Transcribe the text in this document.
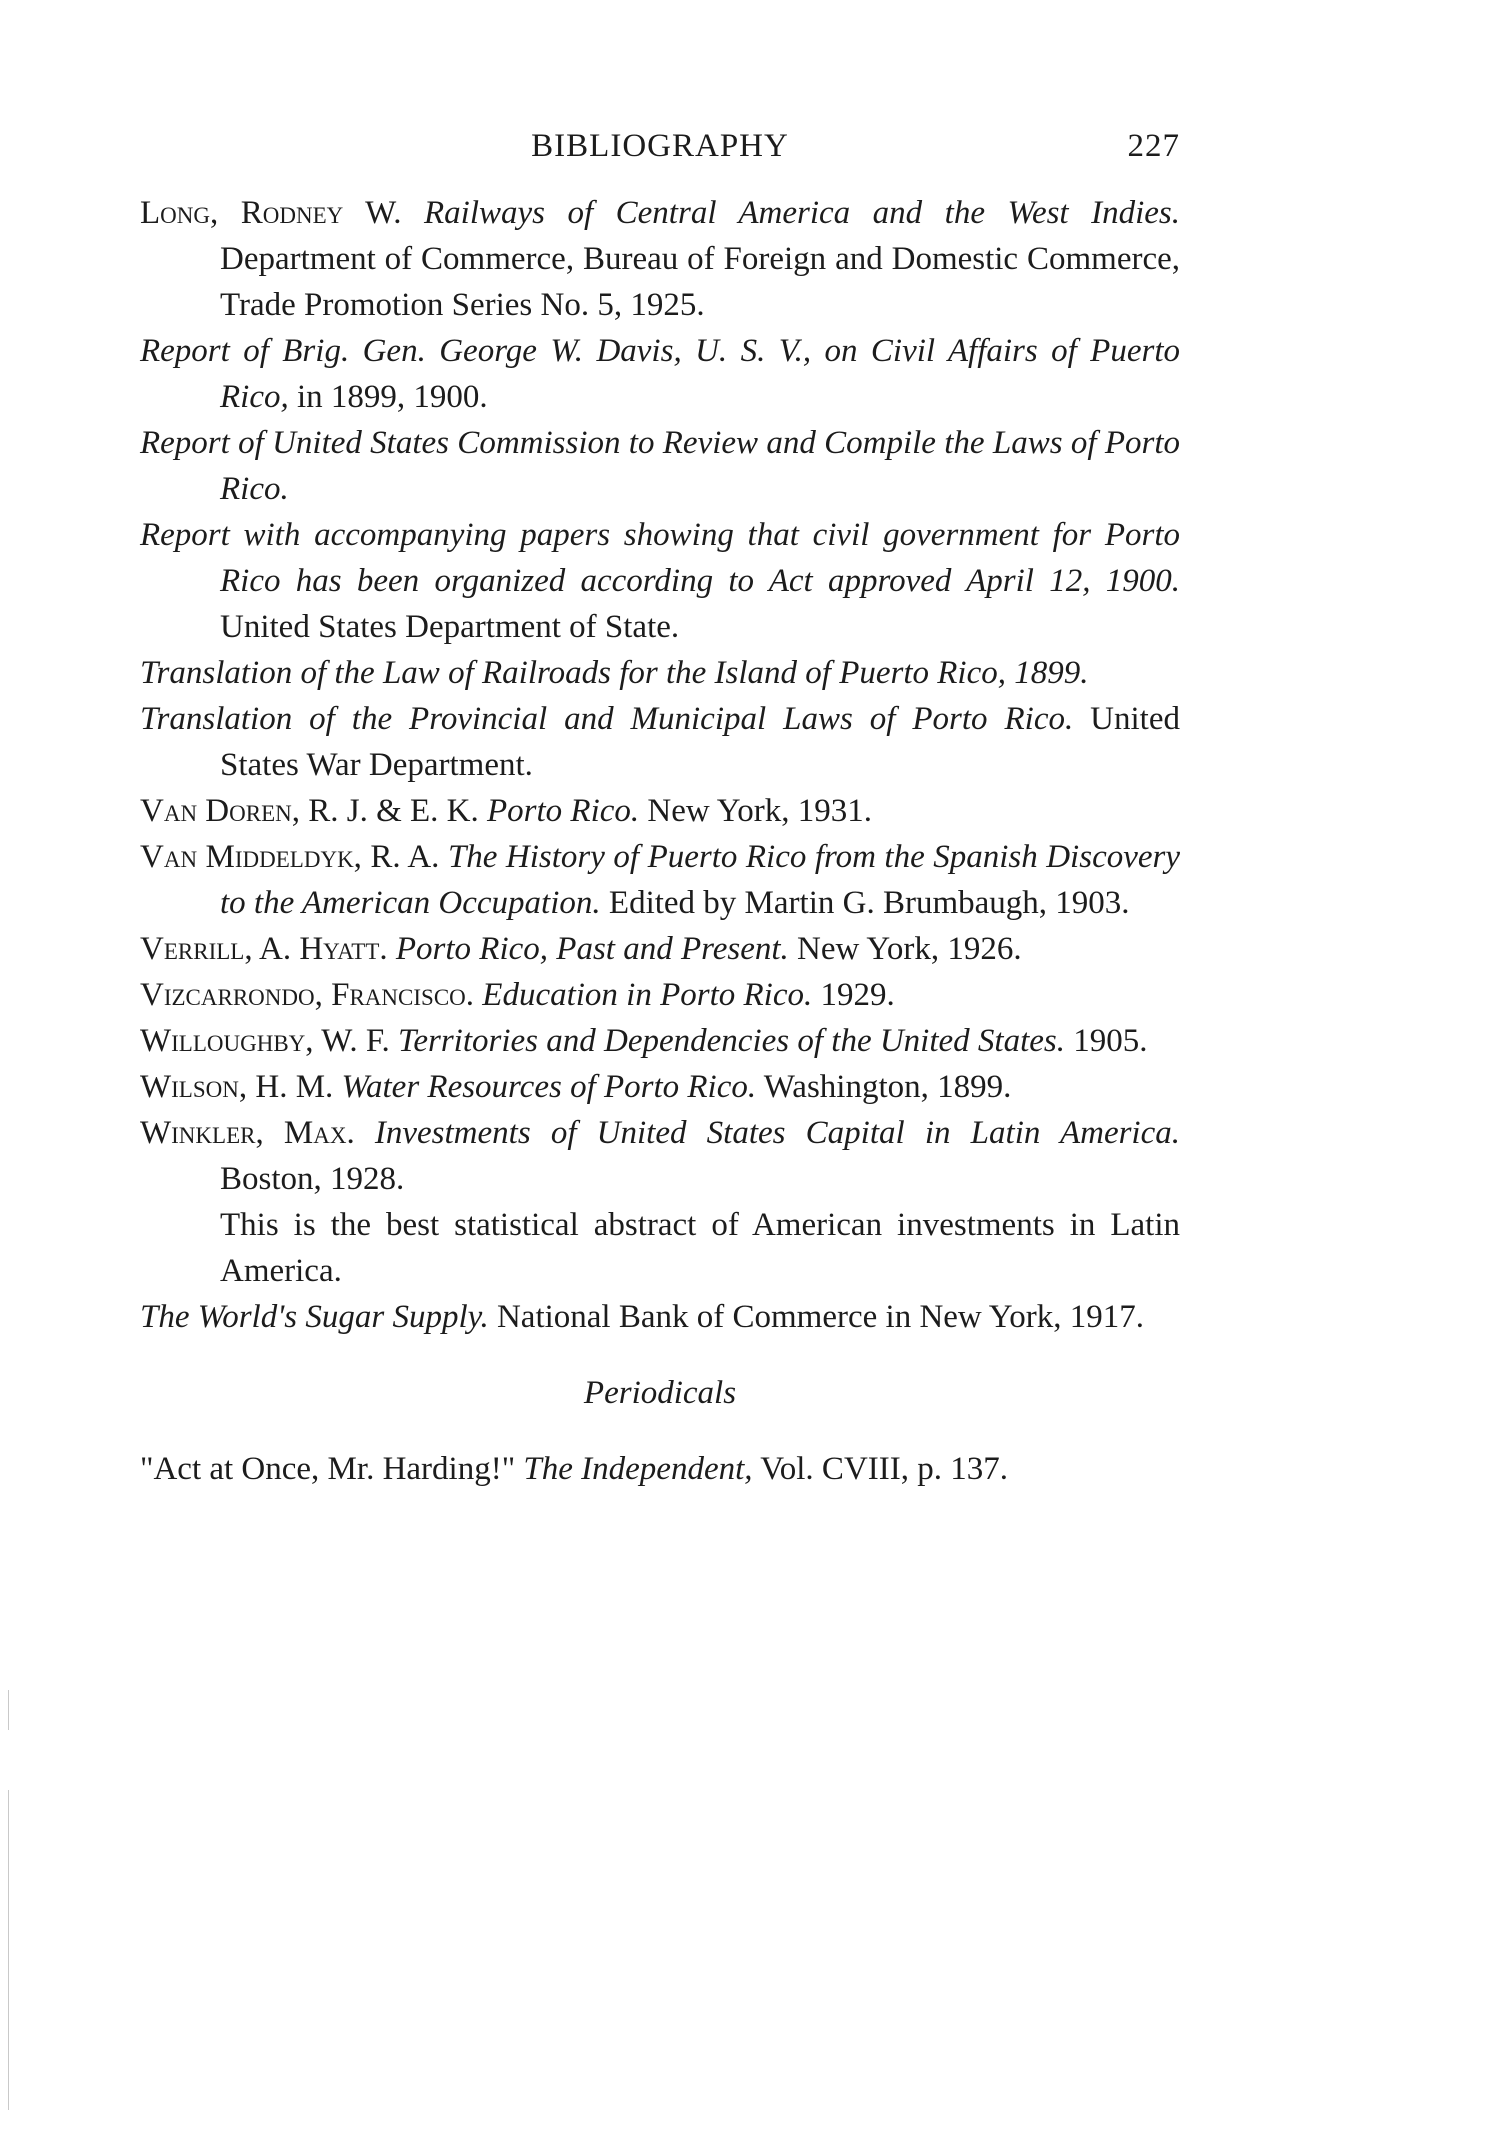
BIBLIOGRAPHY	227

Long, Rodney W. Railways of Central America and the West Indies. Department of Commerce, Bureau of Foreign and Domestic Commerce, Trade Promotion Series No. 5, 1925.

Report of Brig. Gen. George W. Davis, U. S. V., on Civil Affairs of Puerto Rico, in 1899, 1900.

Report of United States Commission to Review and Compile the Laws of Porto Rico.

Report with accompanying papers showing that civil government for Porto Rico has been organized according to Act approved April 12, 1900. United States Department of State.

Translation of the Law of Railroads for the Island of Puerto Rico, 1899.

Translation of the Provincial and Municipal Laws of Porto Rico. United States War Department.

Van Doren, R. J. & E. K. Porto Rico. New York, 1931.

Van Middeldyk, R. A. The History of Puerto Rico from the Spanish Discovery to the American Occupation. Edited by Martin G. Brumbaugh, 1903.

Verrill, A. Hyatt. Porto Rico, Past and Present. New York, 1926.

Vizcarrondo, Francisco. Education in Porto Rico. 1929.

Willoughby, W. F. Territories and Dependencies of the United States. 1905.

Wilson, H. M. Water Resources of Porto Rico. Washington, 1899.

Winkler, Max. Investments of United States Capital in Latin America. Boston, 1928.

This is the best statistical abstract of American investments in Latin America.

The World's Sugar Supply. National Bank of Commerce in New York, 1917.

Periodicals

"Act at Once, Mr. Harding!" The Independent, Vol. CVIII, p. 137.
